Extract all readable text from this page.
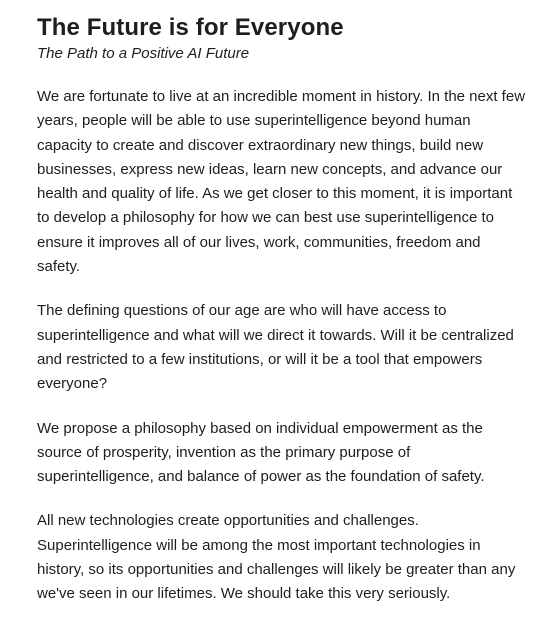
The Future is for Everyone

The Path to a Positive AI Future

We are fortunate to live at an incredible moment in history. In the next few years, people will be able to use superintelligence beyond human capacity to create and discover extraordinary new things, build new businesses, express new ideas, learn new concepts, and advance our health and quality of life. As we get closer to this moment, it is important to develop a philosophy for how we can best use superintelligence to ensure it improves all of our lives, work, communities, freedom and safety.

The defining questions of our age are who will have access to superintelligence and what will we direct it towards. Will it be centralized and restricted to a few institutions, or will it be a tool that empowers everyone?

We propose a philosophy based on individual empowerment as the source of prosperity, invention as the primary purpose of superintelligence, and balance of power as the foundation of safety.

All new technologies create opportunities and challenges. Superintelligence will be among the most important technologies in history, so its opportunities and challenges will likely be greater than any we've seen in our lifetimes. We should take this very seriously.
